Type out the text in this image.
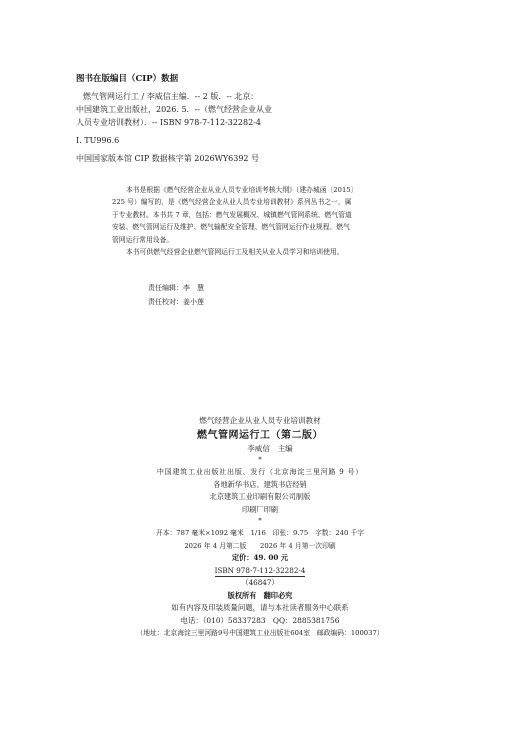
图书在版编目（CIP）数据
燃气管网运行工 / 李威信主编．-- 2 版．-- 北京：
中国建筑工业出版社，2026. 5．--（燃气经营企业从业
人员专业培训教材）．-- ISBN 978-7-112-32282-4
Ⅰ. TU996.6
中国国家版本馆 CIP 数据核字第 2026WY6392 号
本书是根据《燃气经营企业从业人员专业培训考核大纲》（建办城函〔2015〕
225 号）编写的，是《燃气经营企业从业人员专业培训教材》系列丛书之一，属
于专业教材。本书共 7 章，包括：燃气发展概况、城镇燃气管网系统、燃气管道
安装、燃气管网运行及维护、燃气输配安全管理、燃气管网运行作业规程、燃气
管网运行常用设备。
本书可供燃气经营企业燃气管网运行工及相关从业人员学习和培训使用。
责任编辑：李　慧
责任校对：姜小莲
燃气经营企业从业人员专业培训教材
燃气管网运行工（第二版）
李威信　主编
*
中国建筑工业出版社出版、发行（北京海淀三里河路 9 号）
各地新华书店、建筑书店经销
北京建筑工业印刷有限公司制版
印刷厂印刷
*
开本：787 毫米×1092 毫米　1/16　印张：9.75　字数：240 千字
2026 年 4 月第二版　　2026 年 4 月第一次印刷
定价：49. 00 元
ISBN 978-7-112-32282-4
（46847）
版权所有　翻印必究
如有内容及印装质量问题，请与本社读者服务中心联系
电话：（010）58337283　QQ：2885381756
（地址：北京海淀三里河路9号中国建筑工业出版社604室　邮政编码：100037）
